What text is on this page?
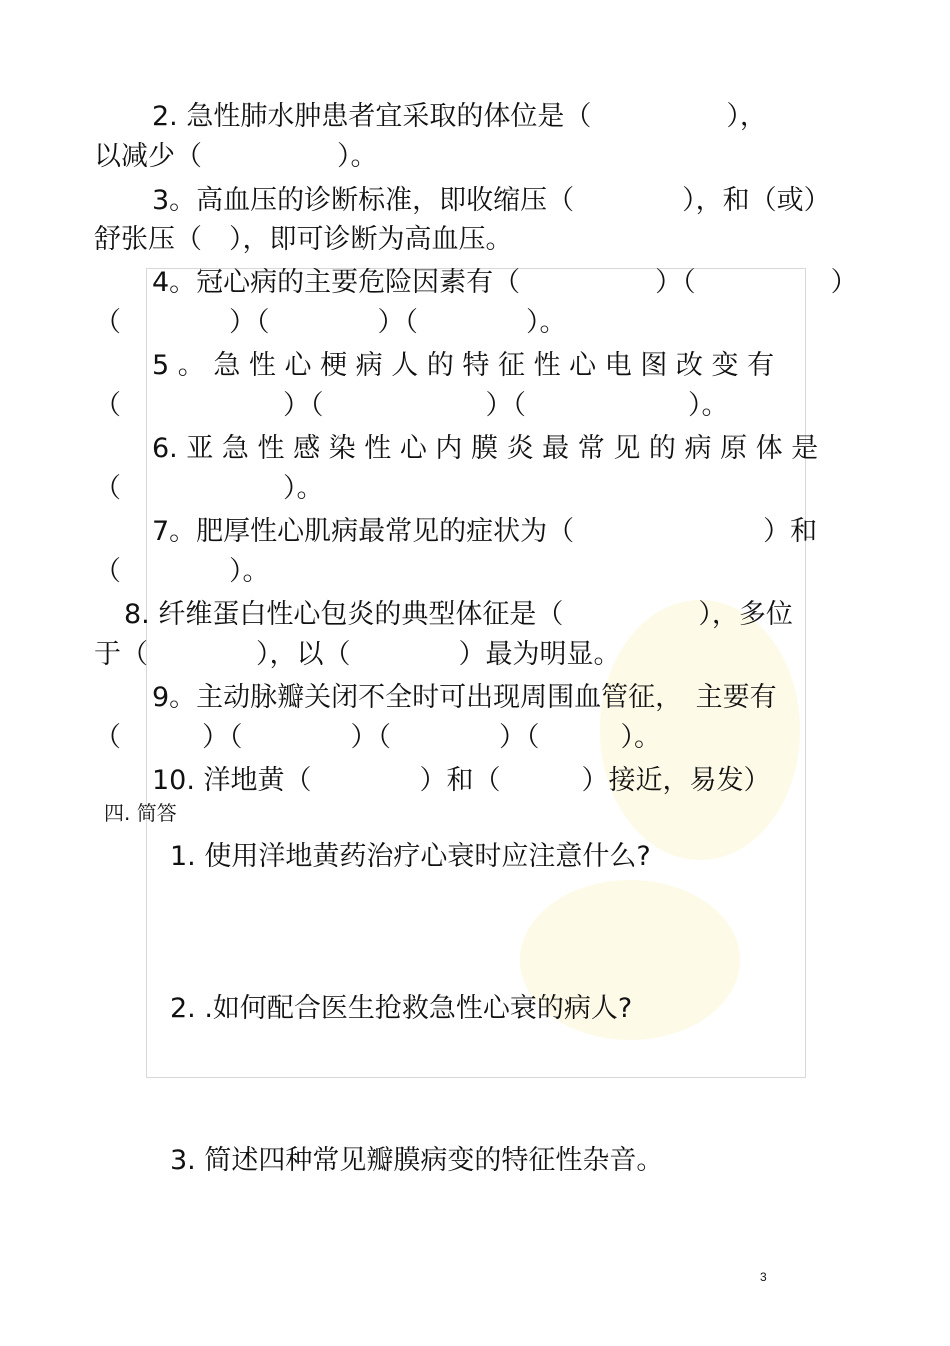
2. 急性肺水肿患者宜采取的体位是（　　　　　），
以减少（　　　　　）。
3。高血压的诊断标准，即收缩压（　　　　），和（或）
舒张压（　），即可诊断为高血压。
4。冠心病的主要危险因素有（　　　　　）（　　　　　）
（　　　　）（　　　　）（　　　　）。
5 。 急 性 心 梗 病 人 的 特 征 性 心 电 图 改 变 有
（　　　　　　）（　　　　　　）（　　　　　　）。
6. 亚 急 性 感 染 性 心 内 膜 炎 最 常 见 的 病 原 体 是
（　　　　　　）。
7。肥厚性心肌病最常见的症状为（　　　　　　　）和
（　　　　）。
8. 纤维蛋白性心包炎的典型体征是（　　　　　），多位
于（　　　　），以（　　　　）最为明显。
9。主动脉瓣关闭不全时可出现周围血管征，　主要有
（　　　）（　　　　）（　　　　）（　　　）。
10. 洋地黄（　　　　）和（　　　）接近，易发）
四. 简答
1. 使用洋地黄药治疗心衰时应注意什么?
2. .如何配合医生抢救急性心衰的病人?
3. 简述四种常见瓣膜病变的特征性杂音。
3
